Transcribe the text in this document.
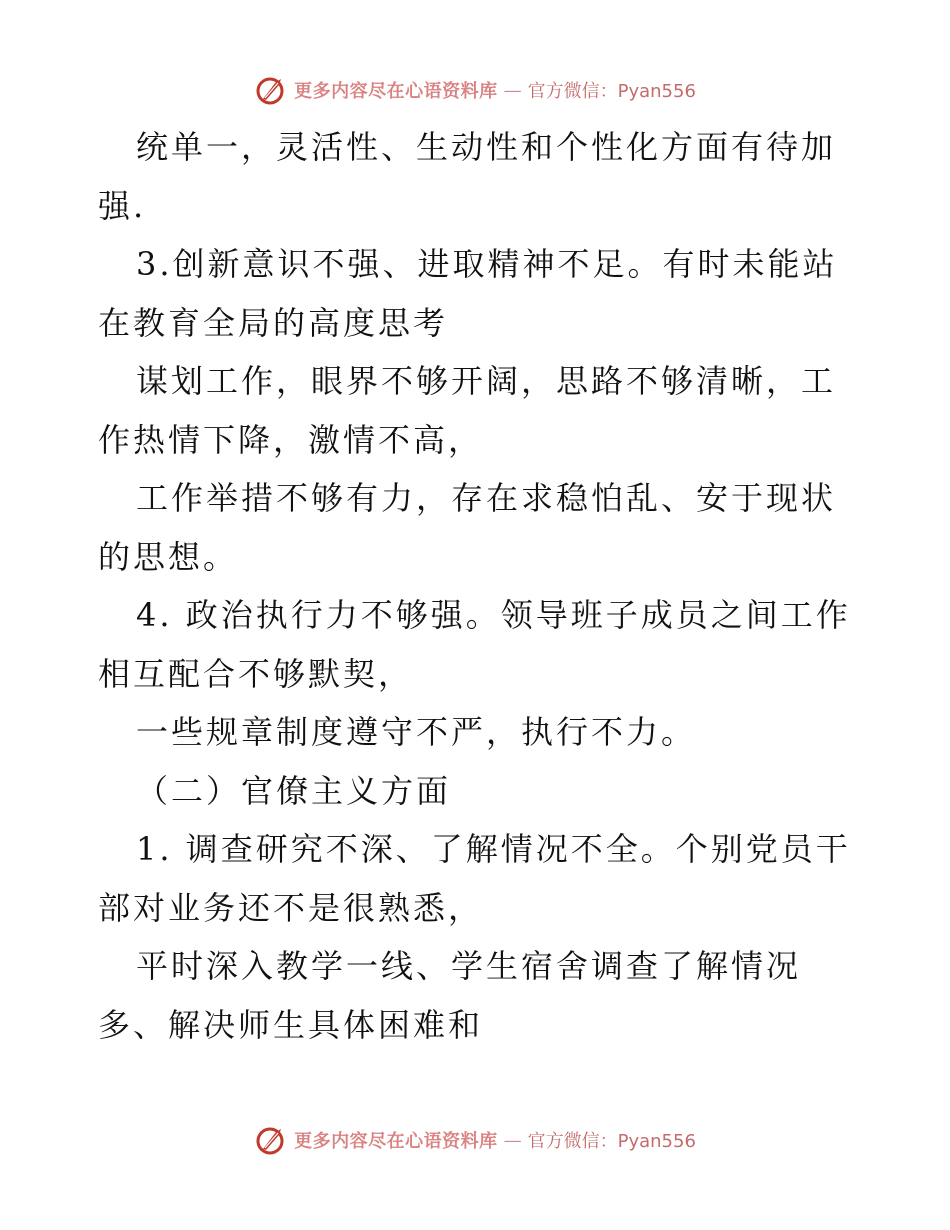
更多内容尽在心语资料库 — 官方微信：Pyan556

统单一，灵活性、生动性和个性化方面有待加强.

3.创新意识不强、进取精神不足。有时未能站在教育全局的高度思考

谋划工作，眼界不够开阔，思路不够清晰，工作热情下降，激情不高，

工作举措不够有力，存在求稳怕乱、安于现状的思想。

4. 政治执行力不够强。领导班子成员之间工作相互配合不够默契，

一些规章制度遵守不严，执行不力。

（二）官僚主义方面

1. 调查研究不深、了解情况不全。个别党员干部对业务还不是很熟悉，

平时深入教学一线、学生宿舍调查了解情况多、解决师生具体困难和

更多内容尽在心语资料库 — 官方微信：Pyan556
